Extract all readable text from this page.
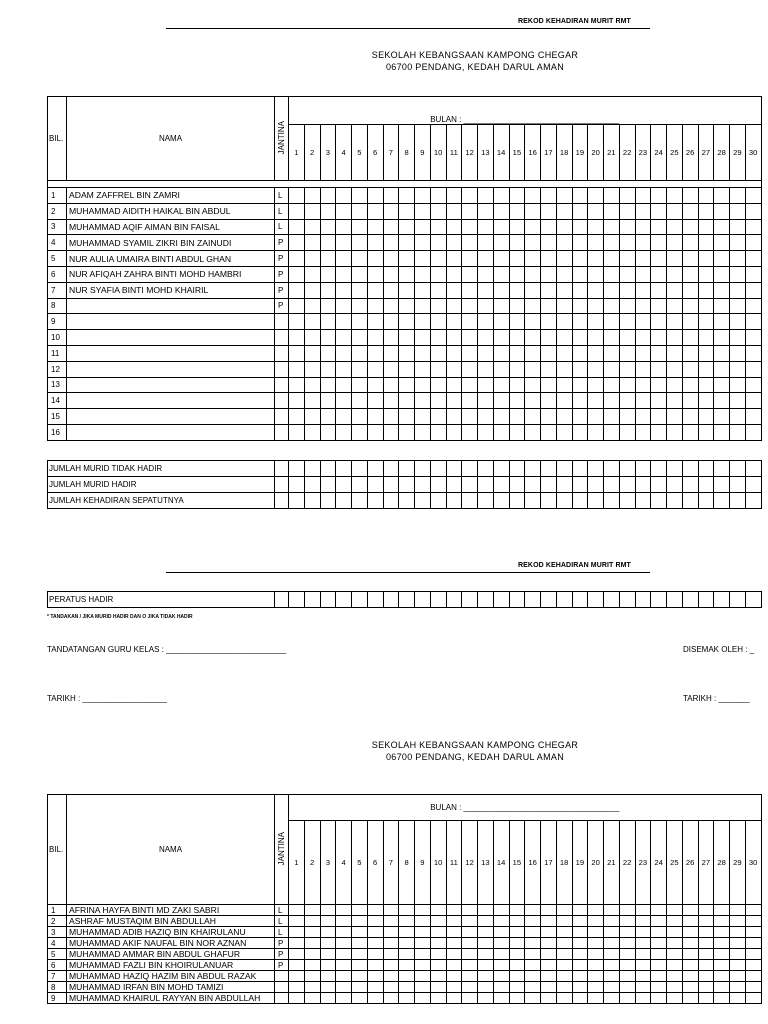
REKOD KEHADIRAN MURIT RMT
SEKOLAH KEBANGSAAN KAMPONG CHEGAR
06700 PENDANG, KEDAH DARUL AMAN
BIL.	NAMA	JANTINA	BULAN : ___________________________________																													
			1	2	3	4	5	6	7	8	9	10	11	12	13	14	15	16	17	18	19	20	21	22	23	24	25	26	27	28	29	30

1	ADAM ZAFFREL BIN ZAMRI	L																														
2	MUHAMMAD AIDITH HAIKAL BIN ABDUL	L																														
3	MUHAMMAD AQIF AIMAN BIN FAISAL	L																														
4	MUHAMMAD SYAMIL ZIKRI BIN ZAINUDI	P																														
5	NUR AULIA UMAIRA BINTI ABDUL GHAN	P																														
6	NUR AFIQAH ZAHRA BINTI MOHD HAMBRI	P																														
7	NUR SYAFIA BINTI MOHD KHAIRIL	P																														
8		P																														
9																																
10																																
11																																
12																																
13																																
14																																
15																																
16																																
JUMLAH MURID TIDAK HADIR																															
JUMLAH MURID HADIR																															
JUMLAH KEHADIRAN SEPATUTNYA																															
REKOD KEHADIRAN MURIT RMT
PERATUS HADIR																															
* TANDAKAN / JIKA MURID HADIR DAN O JIKA TIDAK HADIR
TANDATANGAN GURU KELAS : ___________________________	DISEMAK OLEH : _
TARIKH : ___________________	TARIKH : _______
SEKOLAH KEBANGSAAN KAMPONG CHEGAR
06700 PENDANG, KEDAH DARUL AMAN
BIL.	NAMA	JANTINA	BULAN : ___________________________________																													
			1	2	3	4	5	6	7	8	9	10	11	12	13	14	15	16	17	18	19	20	21	22	23	24	25	26	27	28	29	30
1	AFRINA HAYFA BINTI MD ZAKI SABRI	L																														
2	ASHRAF MUSTAQIM BIN ABDULLAH	L																														
3	MUHAMMAD ADIB HAZIQ BIN KHAIRULANU	L																														
4	MUHAMMAD AKIF NAUFAL BIN NOR AZNAN	P																														
5	MUHAMMAD AMMAR BIN ABDUL GHAFUR	P																														
6	MUHAMMAD FAZLI BIN KHOIRULANUAR	P																														
7	MUHAMMAD HAZIQ HAZIM BIN ABDUL RAZAK																															
8	MUHAMMAD IRFAN BIN MOHD TAMIZI																															
9	MUHAMMAD KHAIRUL RAYYAN BIN ABDULLAH																															
